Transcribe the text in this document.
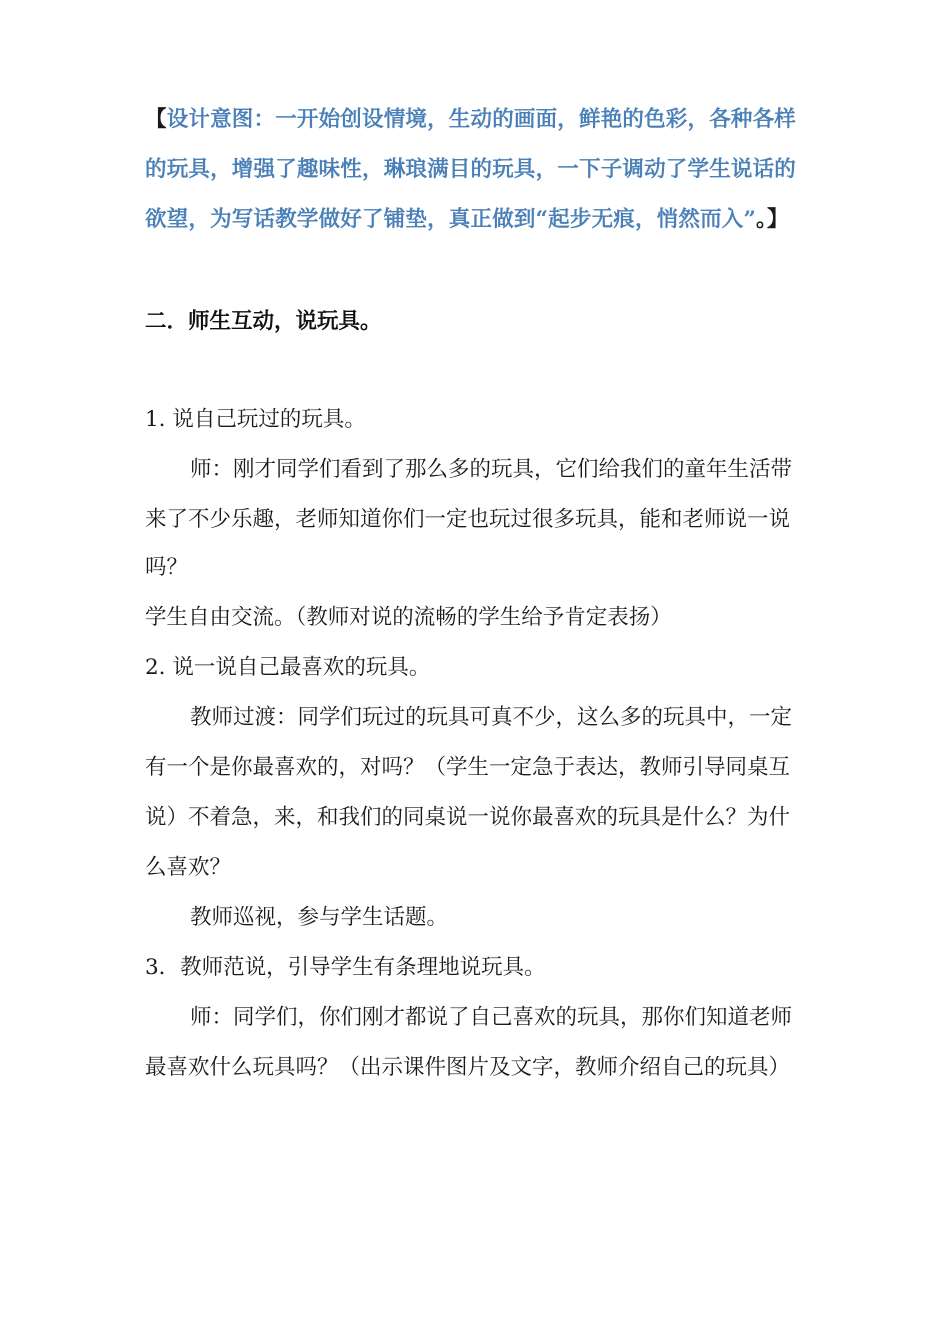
【设计意图：一开始创设情境，生动的画面，鲜艳的色彩，各种各样

的玩具，增强了趣味性，琳琅满目的玩具，一下子调动了学生说话的

欲望，为写话教学做好了铺垫，真正做到“起步无痕，悄然而入”。】

二．师生互动，说玩具。

1. 说自己玩过的玩具。

师：刚才同学们看到了那么多的玩具，它们给我们的童年生活带

来了不少乐趣，老师知道你们一定也玩过很多玩具，能和老师说一说

吗？

学生自由交流。（教师对说的流畅的学生给予肯定表扬）

2. 说一说自己最喜欢的玩具。

教师过渡：同学们玩过的玩具可真不少，这么多的玩具中，一定

有一个是你最喜欢的，对吗？（学生一定急于表达，教师引导同桌互

说）不着急，来，和我们的同桌说一说你最喜欢的玩具是什么？为什

么喜欢？

教师巡视，参与学生话题。

3．教师范说，引导学生有条理地说玩具。

师：同学们，你们刚才都说了自己喜欢的玩具，那你们知道老师

最喜欢什么玩具吗？（出示课件图片及文字，教师介绍自己的玩具）
